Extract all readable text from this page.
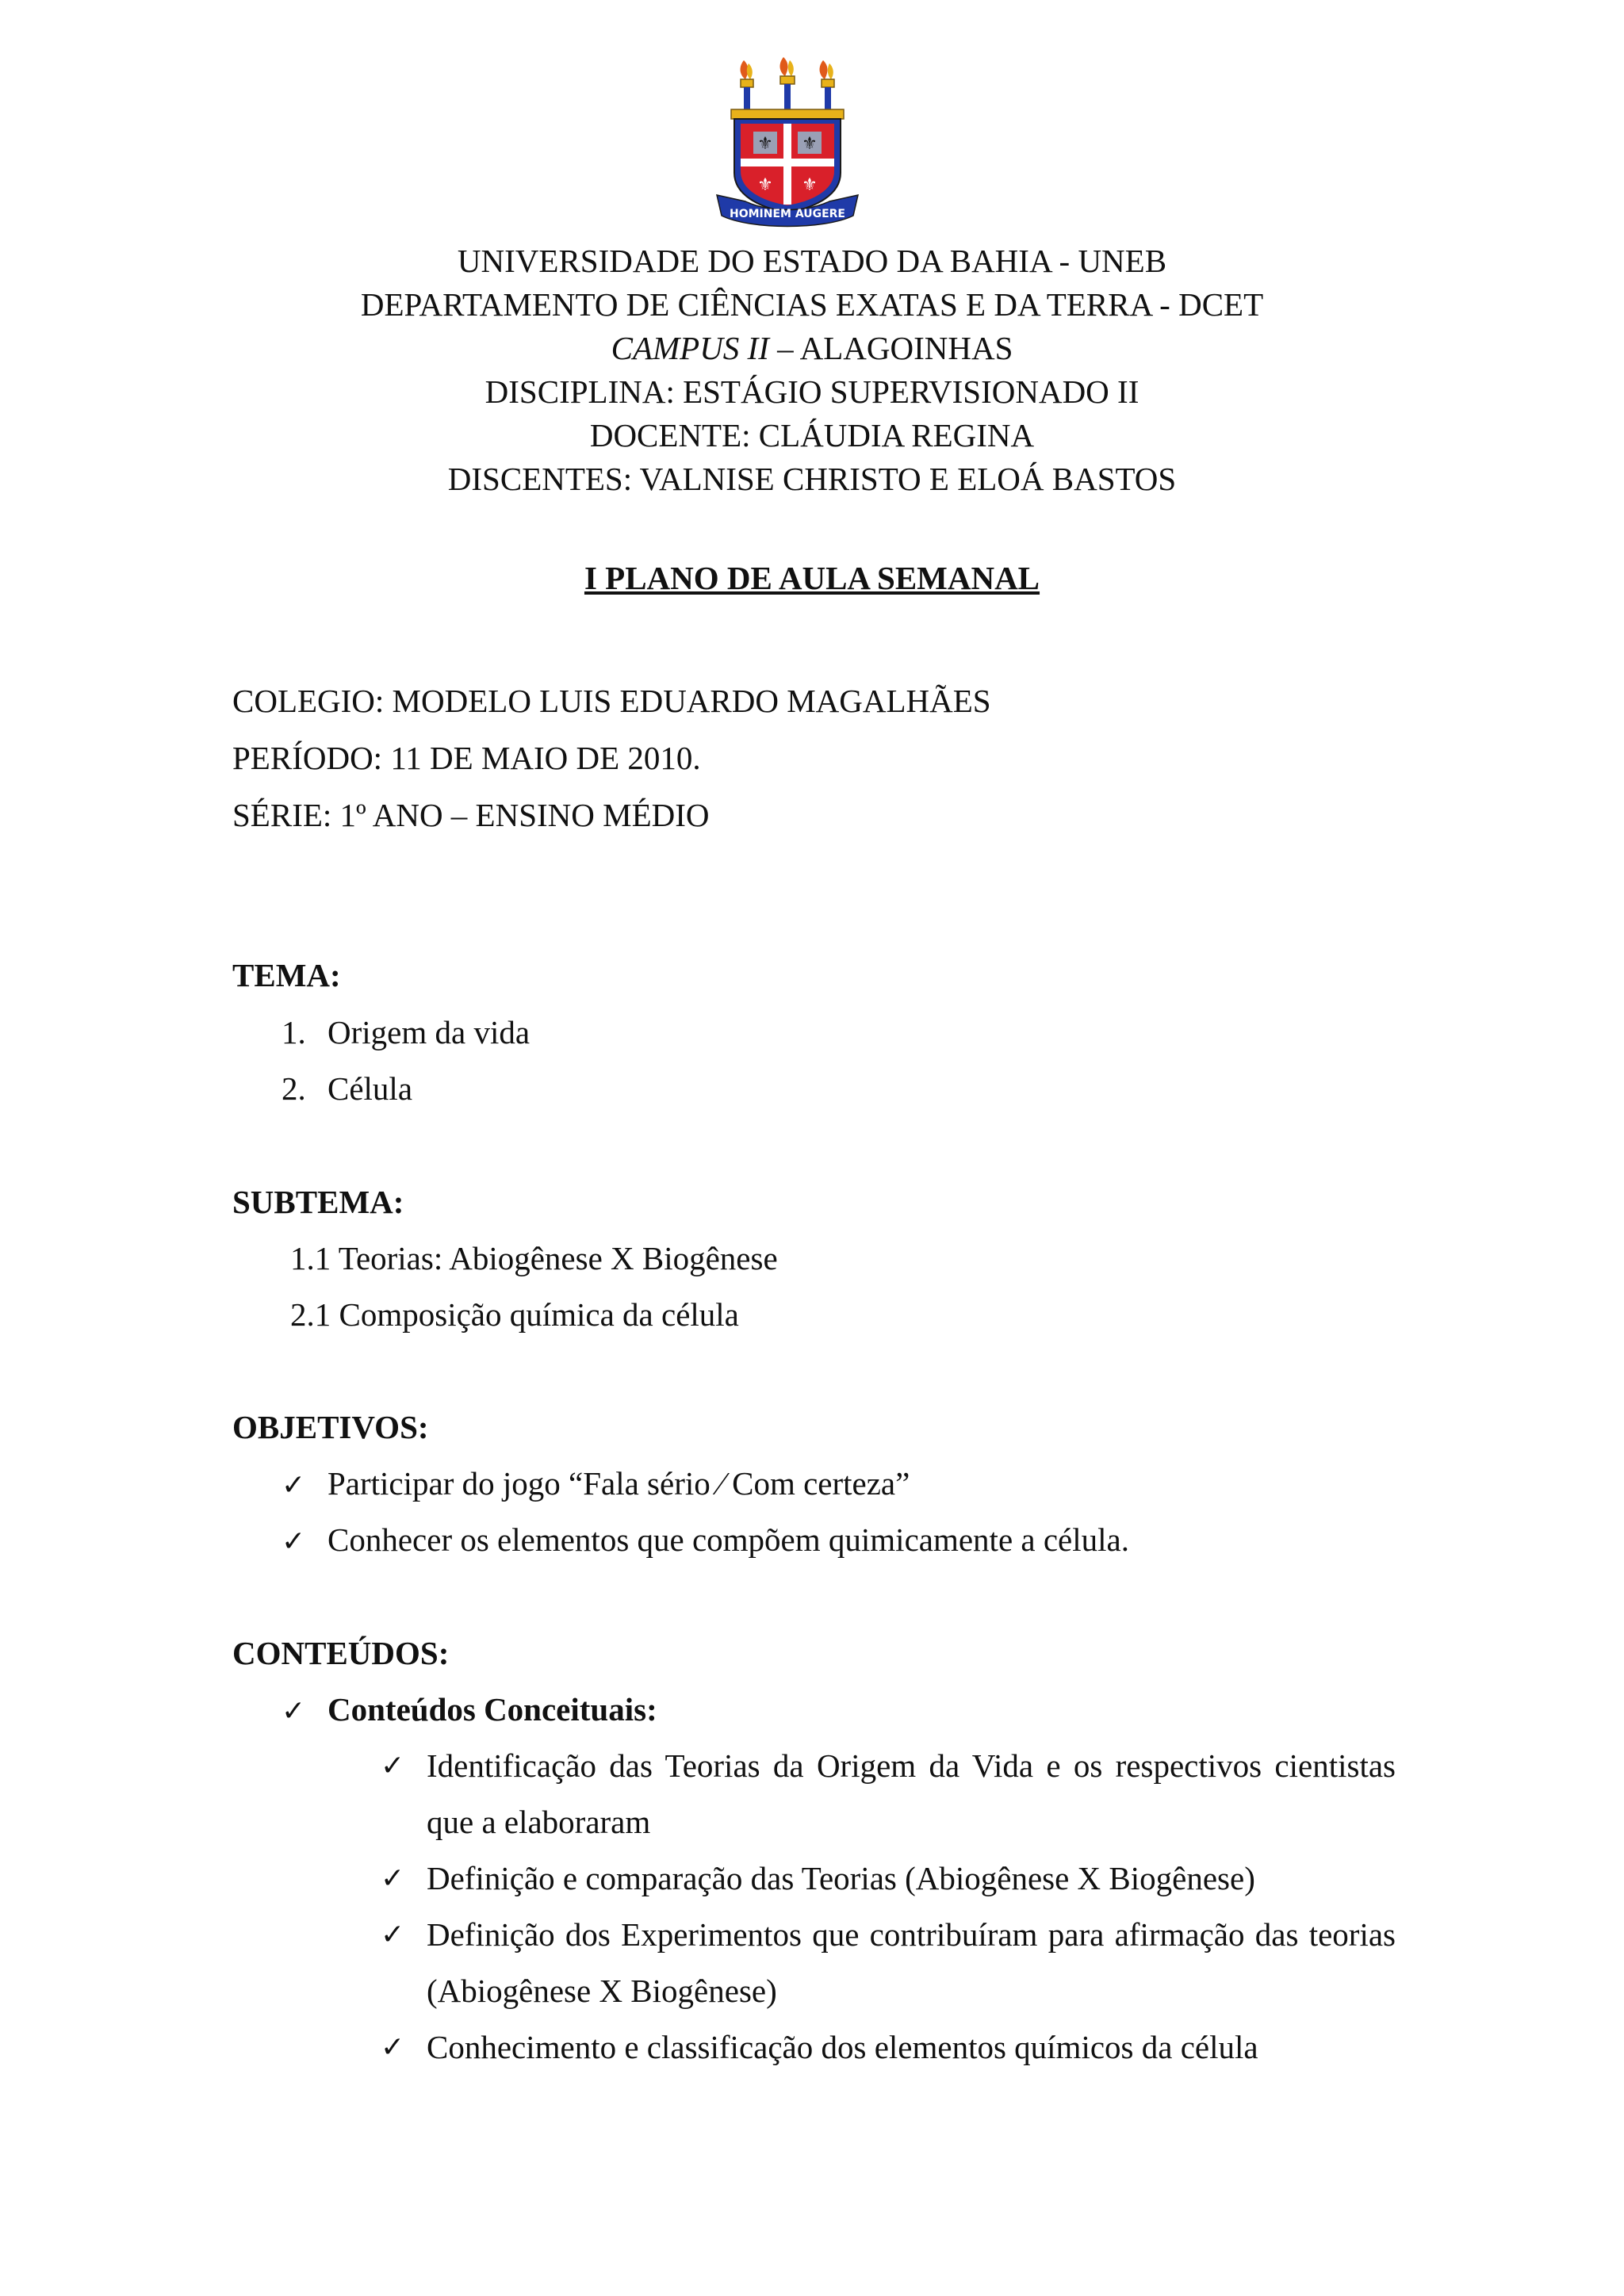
⚜ ⚜
⚜ ⚜
HOMINEM AUGERE

UNIVERSIDADE DO ESTADO DA BAHIA - UNEB

DEPARTAMENTO DE CIÊNCIAS EXATAS E DA TERRA - DCET

CAMPUS II – ALAGOINHAS

DISCIPLINA: ESTÁGIO SUPERVISIONADO II

DOCENTE: CLÁUDIA REGINA

DISCENTES: VALNISE CHRISTO E ELOÁ BASTOS

I PLANO DE AULA SEMANAL

COLEGIO: MODELO LUIS EDUARDO MAGALHÃES

PERÍODO: 11 DE MAIO DE 2010.

SÉRIE: 1º ANO – ENSINO MÉDIO

TEMA:

1. Origem da vida

2. Célula

SUBTEMA:

1.1 Teorias: Abiogênese X Biogênese

2.1 Composição química da célula

OBJETIVOS:

✓ Participar do jogo “Fala sério ⁄ Com certeza”

✓ Conhecer os elementos que compõem quimicamente a célula.

CONTEÚDOS:

✓ Conteúdos Conceituais:

✓ Identificação das Teorias da Origem da Vida e os respectivos cientistas que a elaboraram

✓ Definição e comparação das Teorias (Abiogênese X Biogênese)

✓ Definição dos Experimentos que contribuíram para afirmação das teorias (Abiogênese X Biogênese)

✓ Conhecimento e classificação dos elementos químicos da célula
